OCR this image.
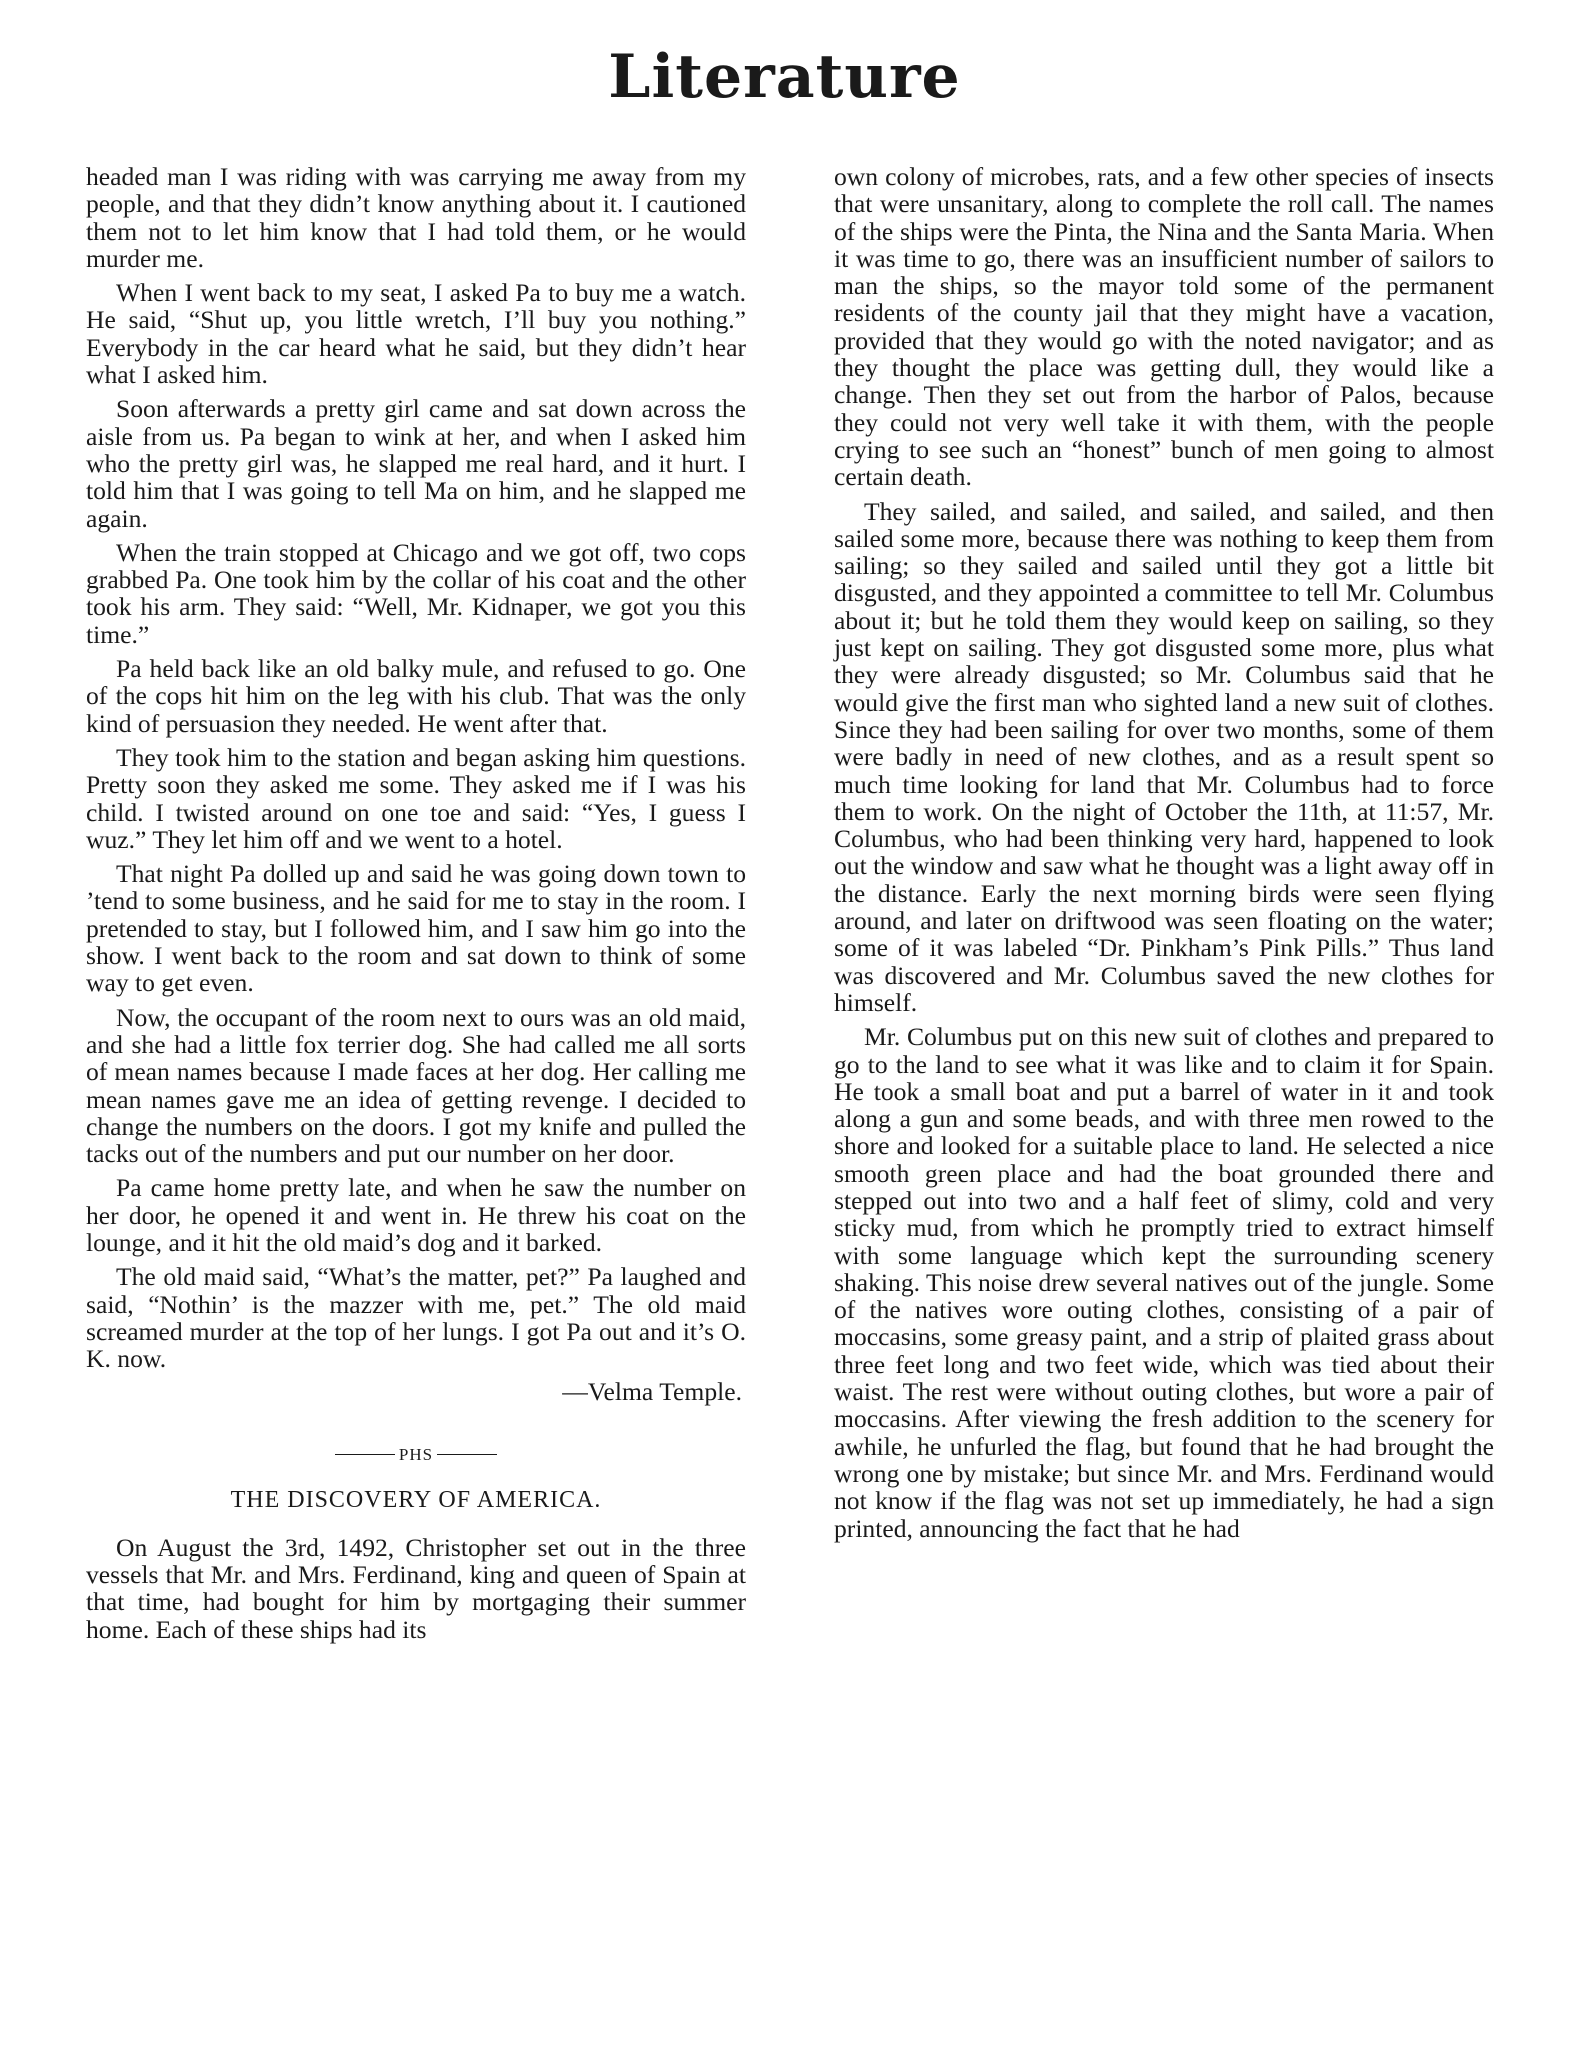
Literature

headed man I was riding with was carrying me away from my people, and that they didn’t know anything about it. I cautioned them not to let him know that I had told them, or he would murder me.

When I went back to my seat, I asked Pa to buy me a watch. He said, “Shut up, you little wretch, I’ll buy you nothing.” Everybody in the car heard what he said, but they didn’t hear what I asked him.

Soon afterwards a pretty girl came and sat down across the aisle from us. Pa began to wink at her, and when I asked him who the pretty girl was, he slapped me real hard, and it hurt. I told him that I was going to tell Ma on him, and he slapped me again.

When the train stopped at Chicago and we got off, two cops grabbed Pa. One took him by the collar of his coat and the other took his arm. They said: “Well, Mr. Kidnaper, we got you this time.”

Pa held back like an old balky mule, and refused to go. One of the cops hit him on the leg with his club. That was the only kind of persuasion they needed. He went after that.

They took him to the station and began asking him questions. Pretty soon they asked me some. They asked me if I was his child. I twisted around on one toe and said: “Yes, I guess I wuz.” They let him off and we went to a hotel.

That night Pa dolled up and said he was going down town to ’tend to some business, and he said for me to stay in the room. I pretended to stay, but I followed him, and I saw him go into the show. I went back to the room and sat down to think of some way to get even.

Now, the occupant of the room next to ours was an old maid, and she had a little fox terrier dog. She had called me all sorts of mean names because I made faces at her dog. Her calling me mean names gave me an idea of getting revenge. I decided to change the numbers on the doors. I got my knife and pulled the tacks out of the numbers and put our number on her door.

Pa came home pretty late, and when he saw the number on her door, he opened it and went in. He threw his coat on the lounge, and it hit the old maid’s dog and it barked.

The old maid said, “What’s the matter, pet?” Pa laughed and said, “Nothin’ is the mazzer with me, pet.” The old maid screamed murder at the top of her lungs. I got Pa out and it’s O. K. now.

—Velma Temple.
PHS
THE DISCOVERY OF AMERICA.

On August the 3rd, 1492, Christopher set out in the three vessels that Mr. and Mrs. Ferdinand, king and queen of Spain at that time, had bought for him by mortgaging their summer home. Each of these ships had its

own colony of microbes, rats, and a few other species of insects that were unsanitary, along to complete the roll call. The names of the ships were the Pinta, the Nina and the Santa Maria. When it was time to go, there was an insufficient number of sailors to man the ships, so the mayor told some of the permanent residents of the county jail that they might have a vacation, provided that they would go with the noted navigator; and as they thought the place was getting dull, they would like a change. Then they set out from the harbor of Palos, because they could not very well take it with them, with the people crying to see such an “honest” bunch of men going to almost certain death.

They sailed, and sailed, and sailed, and sailed, and then sailed some more, because there was nothing to keep them from sailing; so they sailed and sailed until they got a little bit disgusted, and they appointed a committee to tell Mr. Columbus about it; but he told them they would keep on sailing, so they just kept on sailing. They got disgusted some more, plus what they were already disgusted; so Mr. Columbus said that he would give the first man who sighted land a new suit of clothes. Since they had been sailing for over two months, some of them were badly in need of new clothes, and as a result spent so much time looking for land that Mr. Columbus had to force them to work. On the night of October the 11th, at 11:57, Mr. Columbus, who had been thinking very hard, happened to look out the window and saw what he thought was a light away off in the distance. Early the next morning birds were seen flying around, and later on driftwood was seen floating on the water; some of it was labeled “Dr. Pinkham’s Pink Pills.” Thus land was discovered and Mr. Columbus saved the new clothes for himself.

Mr. Columbus put on this new suit of clothes and prepared to go to the land to see what it was like and to claim it for Spain. He took a small boat and put a barrel of water in it and took along a gun and some beads, and with three men rowed to the shore and looked for a suitable place to land. He selected a nice smooth green place and had the boat grounded there and stepped out into two and a half feet of slimy, cold and very sticky mud, from which he promptly tried to extract himself with some language which kept the surrounding scenery shaking. This noise drew several natives out of the jungle. Some of the natives wore outing clothes, consisting of a pair of moccasins, some greasy paint, and a strip of plaited grass about three feet long and two feet wide, which was tied about their waist. The rest were without outing clothes, but wore a pair of moccasins. After viewing the fresh addition to the scenery for awhile, he unfurled the flag, but found that he had brought the wrong one by mistake; but since Mr. and Mrs. Ferdinand would not know if the flag was not set up immediately, he had a sign printed, announcing the fact that he had
